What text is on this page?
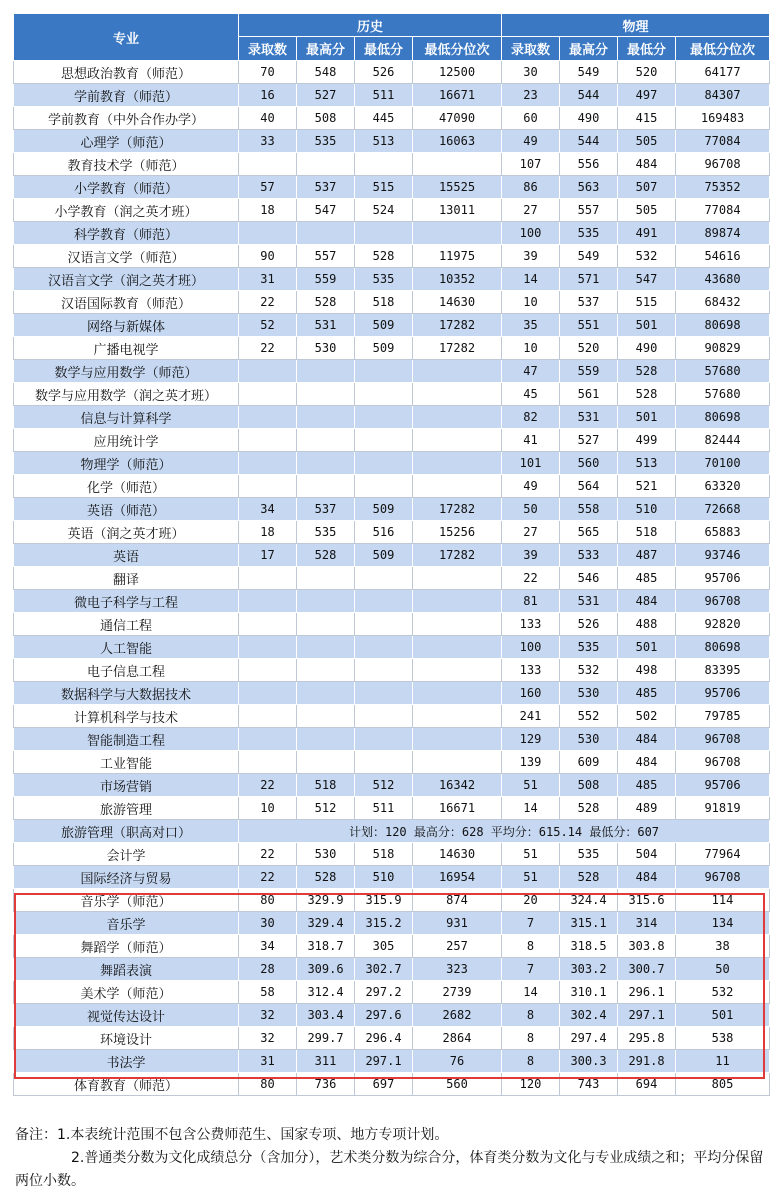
专业	历史				物理			
	录取数	最高分	最低分	最低分位次	录取数	最高分	最低分	最低分位次
思想政治教育（师范）	70	548	526	12500	30	549	520	64177
学前教育（师范）	16	527	511	16671	23	544	497	84307
学前教育（中外合作办学）	40	508	445	47090	60	490	415	169483
心理学（师范）	33	535	513	16063	49	544	505	77084
教育技术学（师范）					107	556	484	96708
小学教育（师范）	57	537	515	15525	86	563	507	75352
小学教育（润之英才班）	18	547	524	13011	27	557	505	77084
科学教育（师范）					100	535	491	89874
汉语言文学（师范）	90	557	528	11975	39	549	532	54616
汉语言文学（润之英才班）	31	559	535	10352	14	571	547	43680
汉语国际教育（师范）	22	528	518	14630	10	537	515	68432
网络与新媒体	52	531	509	17282	35	551	501	80698
广播电视学	22	530	509	17282	10	520	490	90829
数学与应用数学（师范）					47	559	528	57680
数学与应用数学（润之英才班）					45	561	528	57680
信息与计算科学					82	531	501	80698
应用统计学					41	527	499	82444
物理学（师范）					101	560	513	70100
化学（师范）					49	564	521	63320
英语（师范）	34	537	509	17282	50	558	510	72668
英语（润之英才班）	18	535	516	15256	27	565	518	65883
英语	17	528	509	17282	39	533	487	93746
翻译					22	546	485	95706
微电子科学与工程					81	531	484	96708
通信工程					133	526	488	92820
人工智能					100	535	501	80698
电子信息工程					133	532	498	83395
数据科学与大数据技术					160	530	485	95706
计算机科学与技术					241	552	502	79785
智能制造工程					129	530	484	96708
工业智能					139	609	484	96708
市场营销	22	518	512	16342	51	508	485	95706
旅游管理	10	512	511	16671	14	528	489	91819
旅游管理（职高对口）	计划：120 最高分：628 平均分：615.14 最低分：607							
会计学	22	530	518	14630	51	535	504	77964
国际经济与贸易	22	528	510	16954	51	528	484	96708
音乐学（师范）	80	329.9	315.9	874	20	324.4	315.6	114
音乐学	30	329.4	315.2	931	7	315.1	314	134
舞蹈学（师范）	34	318.7	305	257	8	318.5	303.8	38
舞蹈表演	28	309.6	302.7	323	7	303.2	300.7	50
美术学（师范）	58	312.4	297.2	2739	14	310.1	296.1	532
视觉传达设计	32	303.4	297.6	2682	8	302.4	297.1	501
环境设计	32	299.7	296.4	2864	8	297.4	295.8	538
书法学	31	311	297.1	76	8	300.3	291.8	11
体育教育（师范）	80	736	697	560	120	743	694	805
备注：1.本表统计范围不包含公费师范生、国家专项、地方专项计划。
2.普通类分数为文化成绩总分（含加分），艺术类分数为综合分，体育类分数为文化与专业成绩之和；平均分保留两位小数。
